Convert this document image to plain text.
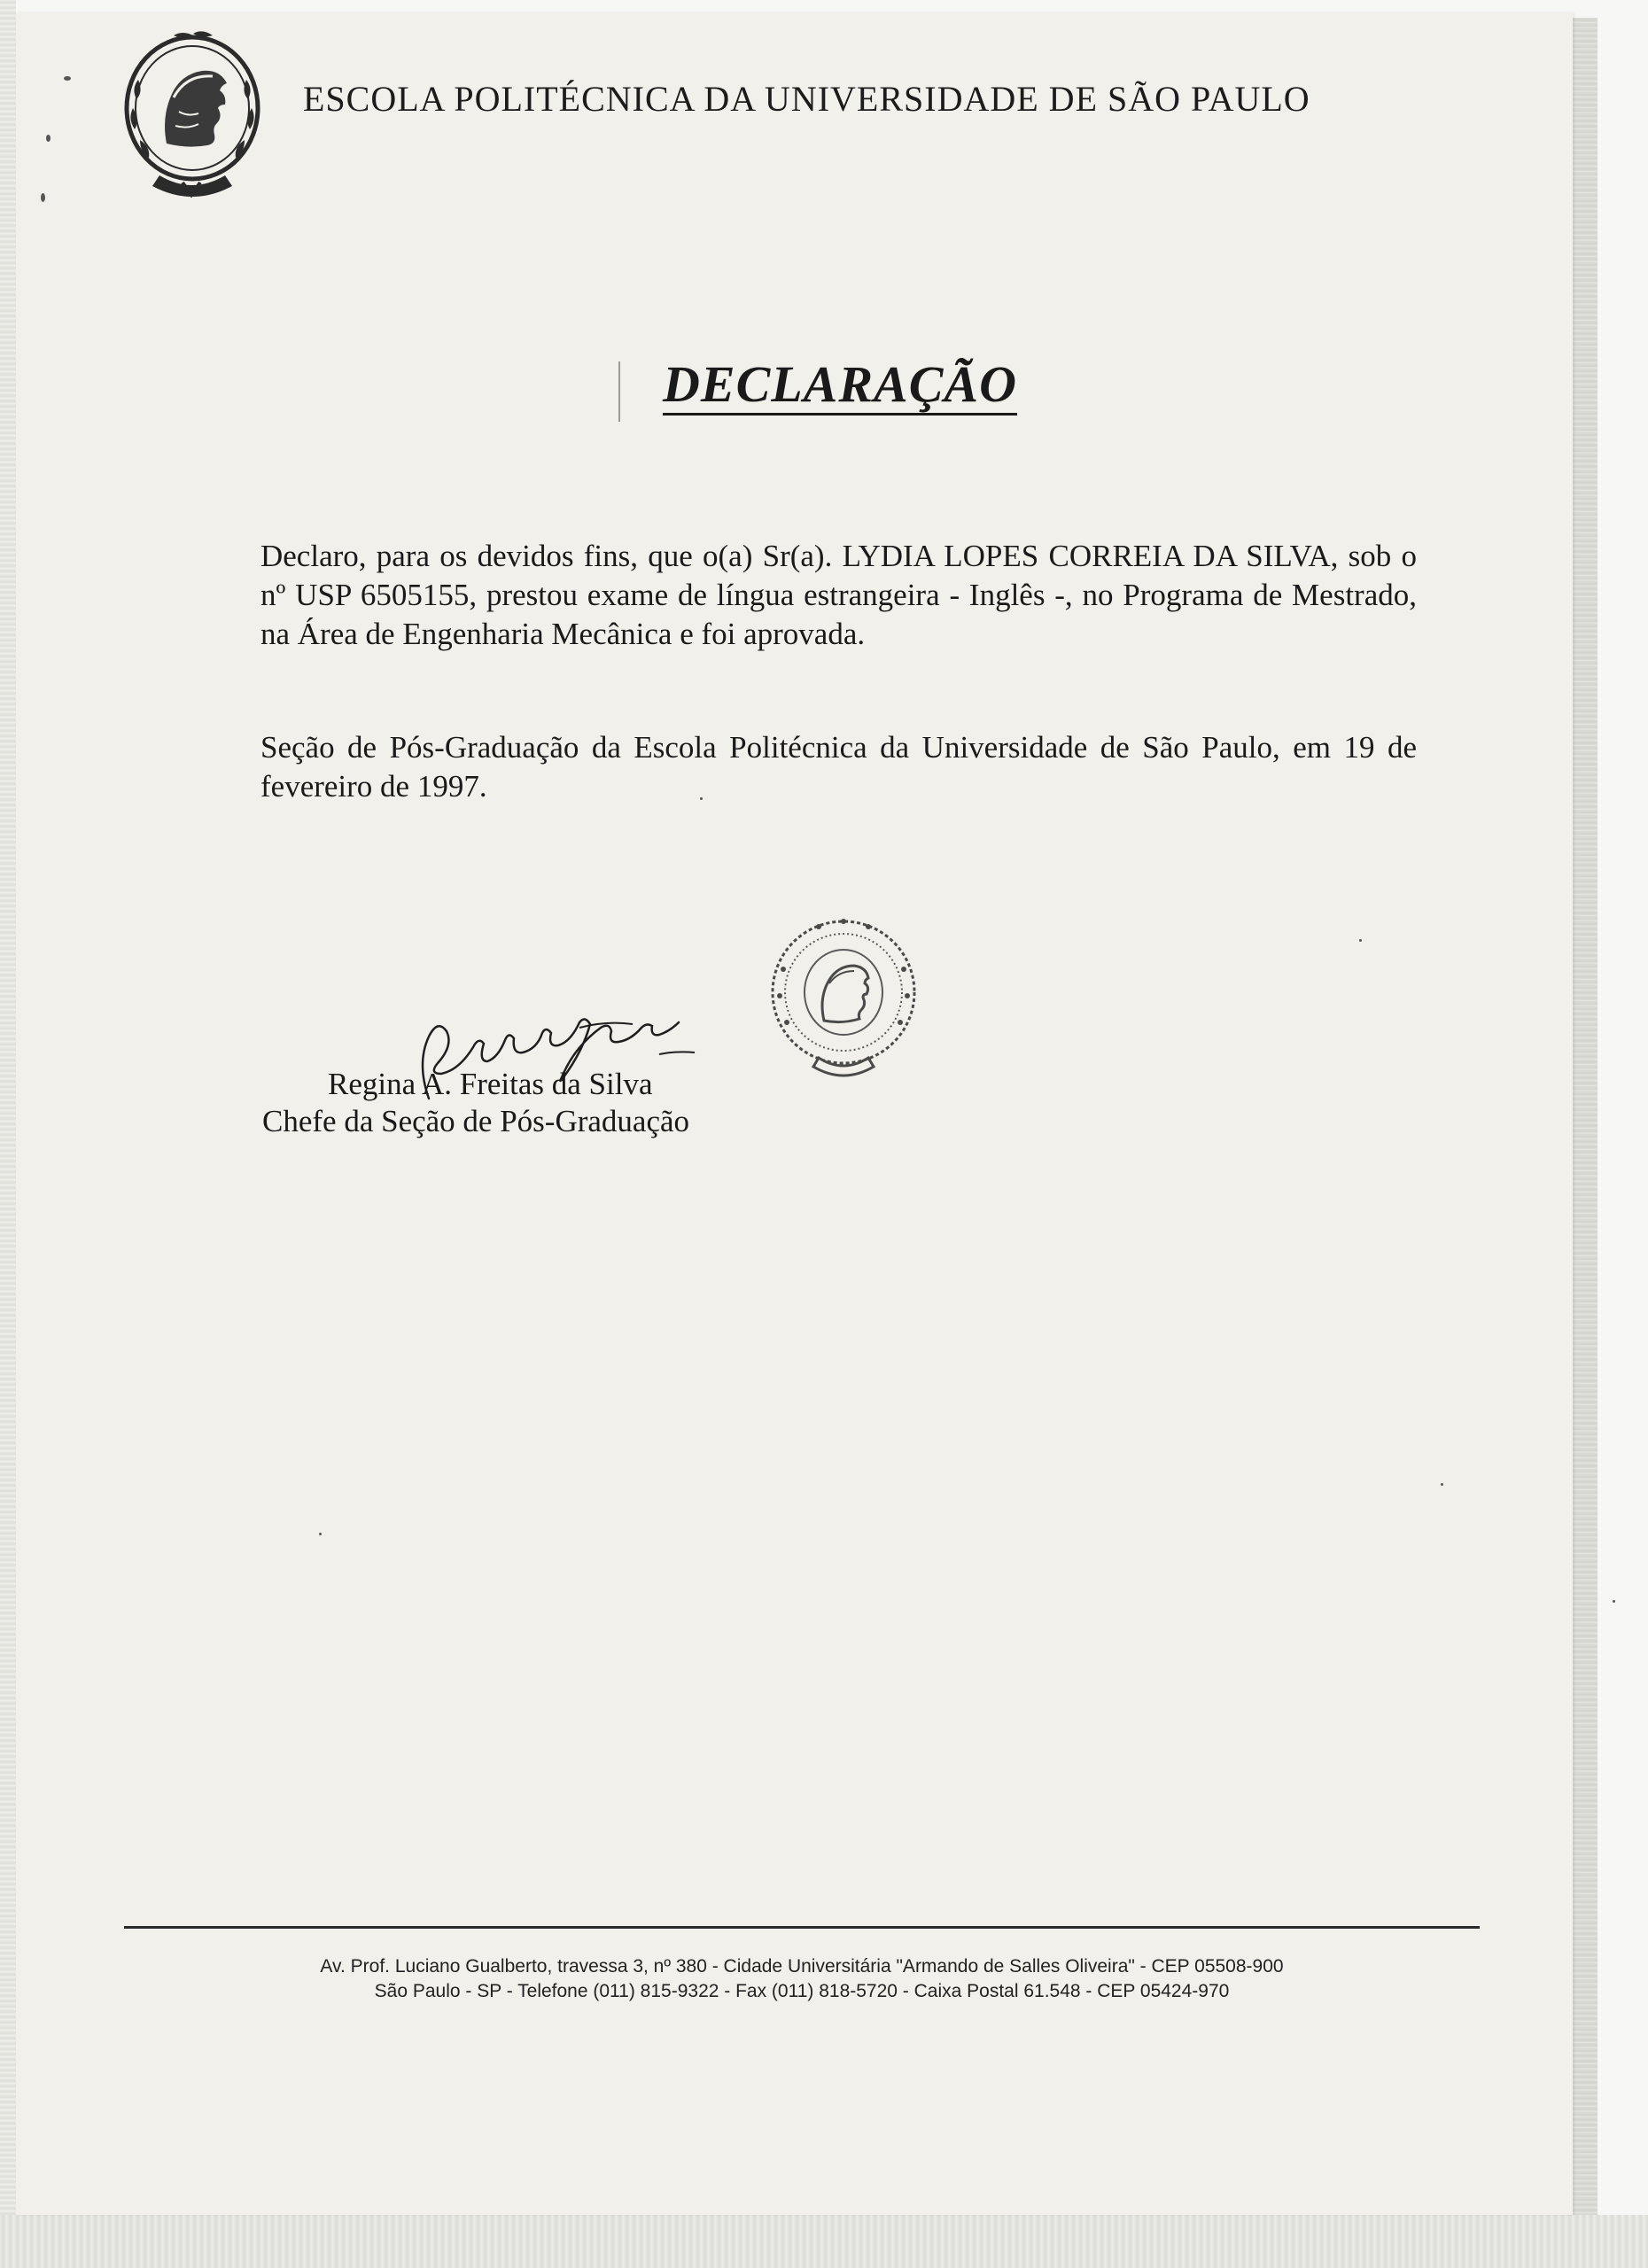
ESCOLA POLITÉCNICA DA UNIVERSIDADE DE SÃO PAULO
DECLARAÇÃO
Declaro, para os devidos fins, que o(a) Sr(a). LYDIA LOPES CORREIA DA SILVA, sob o nº USP 6505155, prestou exame de língua estrangeira - Inglês -, no Programa de Mestrado, na Área de Engenharia Mecânica e foi aprovada.
Seção de Pós-Graduação da Escola Politécnica da Universidade de São Paulo, em 19 de fevereiro de 1997.
Regina A. Freitas da Silva
Chefe da Seção de Pós-Graduação
Av. Prof. Luciano Gualberto, travessa 3, nº 380 - Cidade Universitária "Armando de Salles Oliveira" - CEP 05508-900
São Paulo - SP - Telefone (011) 815-9322 - Fax (011) 818-5720 - Caixa Postal 61.548 - CEP 05424-970
